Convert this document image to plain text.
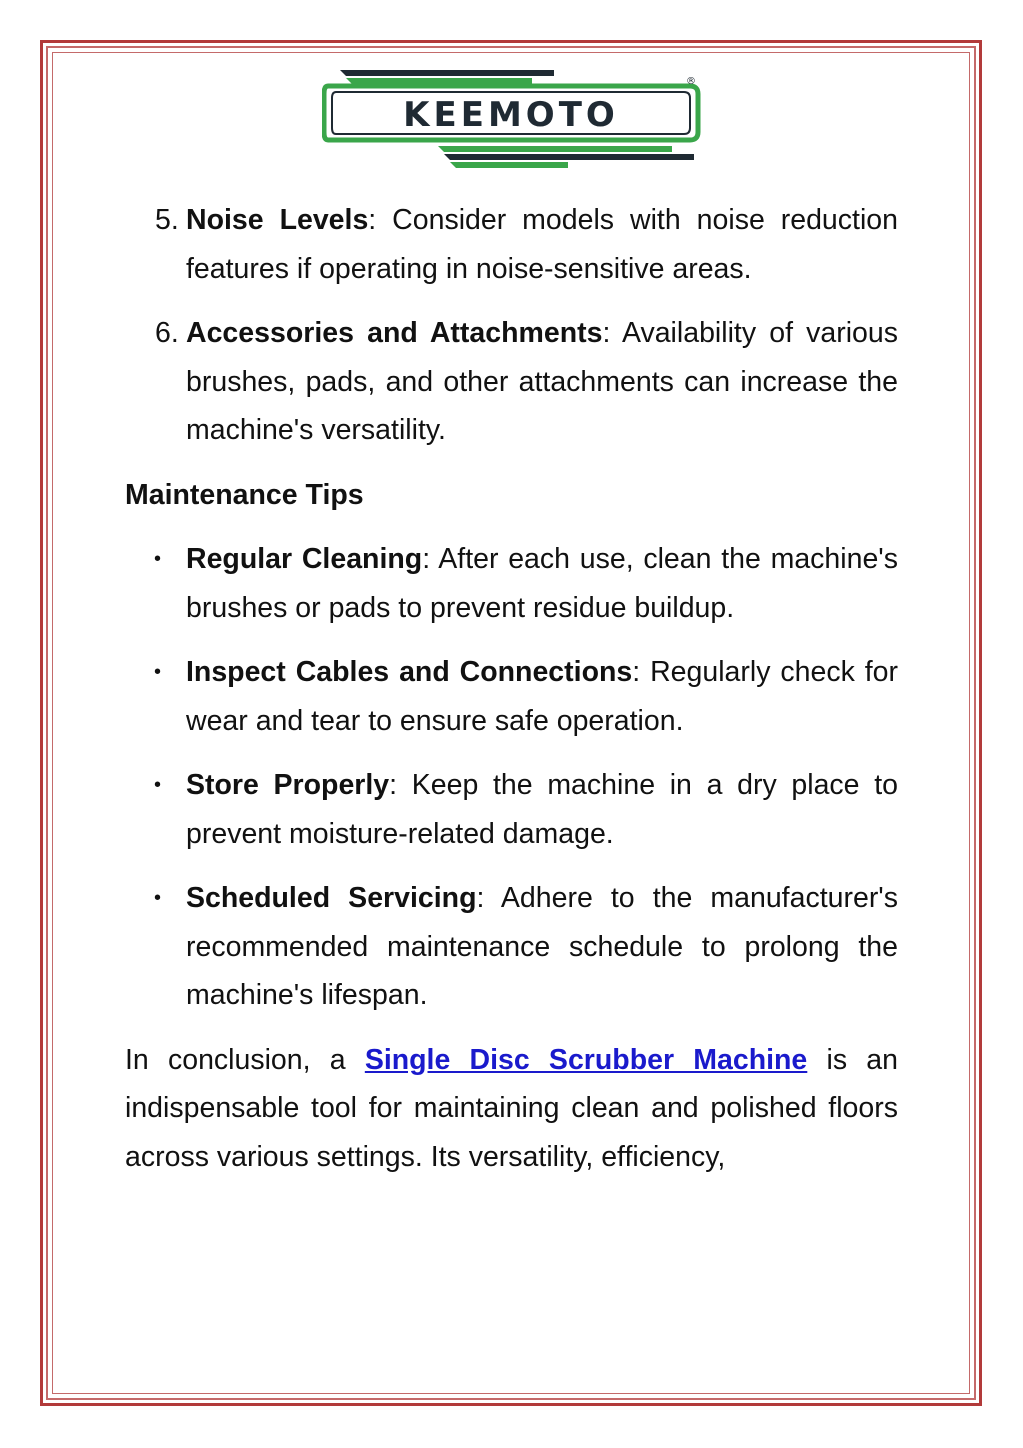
KEEMOTO
®
5. Noise Levels: Consider models with noise reduction features if operating in noise-sensitive areas.
6. Accessories and Attachments: Availability of various brushes, pads, and other attachments can increase the machine's versatility.
Maintenance Tips
• Regular Cleaning: After each use, clean the machine's brushes or pads to prevent residue buildup.
• Inspect Cables and Connections: Regularly check for wear and tear to ensure safe operation.
• Store Properly: Keep the machine in a dry place to prevent moisture-related damage.
• Scheduled Servicing: Adhere to the manufacturer's recommended maintenance schedule to prolong the machine's lifespan.

In conclusion, a Single Disc Scrubber Machine is an indispensable tool for maintaining clean and polished floors across various settings. Its versatility, efficiency,
